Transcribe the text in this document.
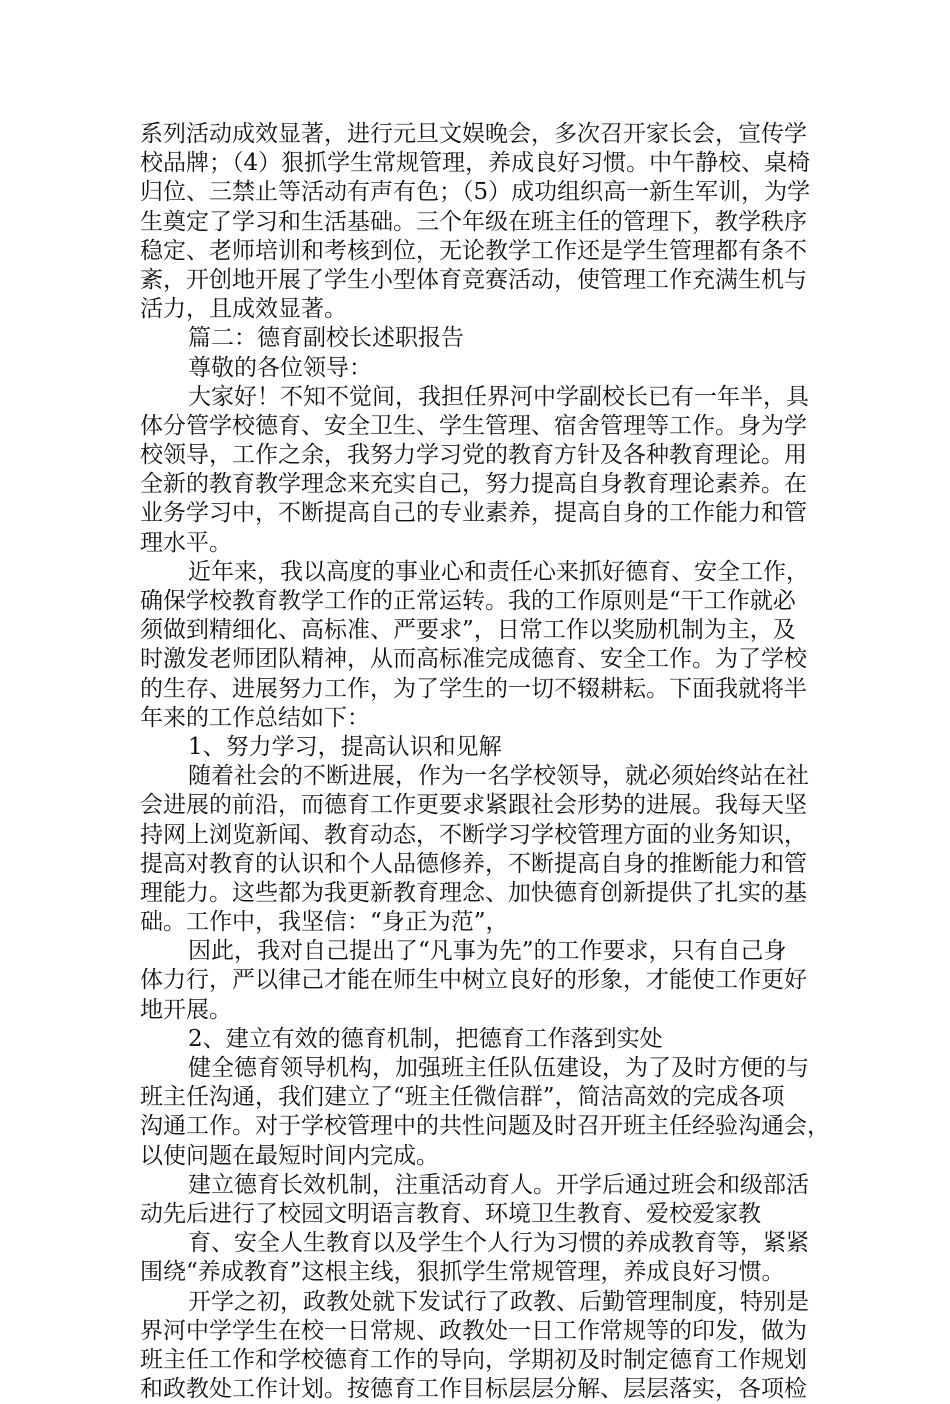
系列活动成效显著，进行元旦文娱晚会，多次召开家长会，宣传学
校品牌；（4）狠抓学生常规管理，养成良好习惯。中午静校、桌椅
归位、三禁止等活动有声有色；（5）成功组织高一新生军训，为学
生奠定了学习和生活基础。三个年级在班主任的管理下，教学秩序
稳定、老师培训和考核到位，无论教学工作还是学生管理都有条不
紊，开创地开展了学生小型体育竞赛活动，使管理工作充满生机与
活力，且成效显著。
篇二：德育副校长述职报告
尊敬的各位领导：
大家好！不知不觉间，我担任界河中学副校长已有一年半，具
体分管学校德育、安全卫生、学生管理、宿舍管理等工作。身为学
校领导，工作之余，我努力学习党的教育方针及各种教育理论。用
全新的教育教学理念来充实自己，努力提高自身教育理论素养。在
业务学习中，不断提高自己的专业素养，提高自身的工作能力和管
理水平。
近年来，我以高度的事业心和责任心来抓好德育、安全工作，
确保学校教育教学工作的正常运转。我的工作原则是“干工作就必
须做到精细化、高标准、严要求”，日常工作以奖励机制为主，及
时激发老师团队精神，从而高标准完成德育、安全工作。为了学校
的生存、进展努力工作，为了学生的一切不辍耕耘。下面我就将半
年来的工作总结如下：
1、努力学习，提高认识和见解
随着社会的不断进展，作为一名学校领导，就必须始终站在社
会进展的前沿，而德育工作更要求紧跟社会形势的进展。我每天坚
持网上浏览新闻、教育动态，不断学习学校管理方面的业务知识，
提高对教育的认识和个人品德修养，不断提高自身的推断能力和管
理能力。这些都为我更新教育理念、加快德育创新提供了扎实的基
础。工作中，我坚信：“身正为范”，
因此，我对自己提出了“凡事为先”的工作要求，只有自己身
体力行，严以律己才能在师生中树立良好的形象，才能使工作更好
地开展。
2、建立有效的德育机制，把德育工作落到实处
健全德育领导机构，加强班主任队伍建设，为了及时方便的与
班主任沟通，我们建立了“班主任微信群”，简洁高效的完成各项
沟通工作。对于学校管理中的共性问题及时召开班主任经验沟通会，
以使问题在最短时间内完成。
建立德育长效机制，注重活动育人。开学后通过班会和级部活
动先后进行了校园文明语言教育、环境卫生教育、爱校爱家教
育、安全人生教育以及学生个人行为习惯的养成教育等，紧紧
围绕“养成教育”这根主线，狠抓学生常规管理，养成良好习惯。
开学之初，政教处就下发试行了政教、后勤管理制度，特别是
界河中学学生在校一日常规、政教处一日工作常规等的印发，做为
班主任工作和学校德育工作的导向，学期初及时制定德育工作规划
和政教处工作计划。按德育工作目标层层分解、层层落实，各项检
